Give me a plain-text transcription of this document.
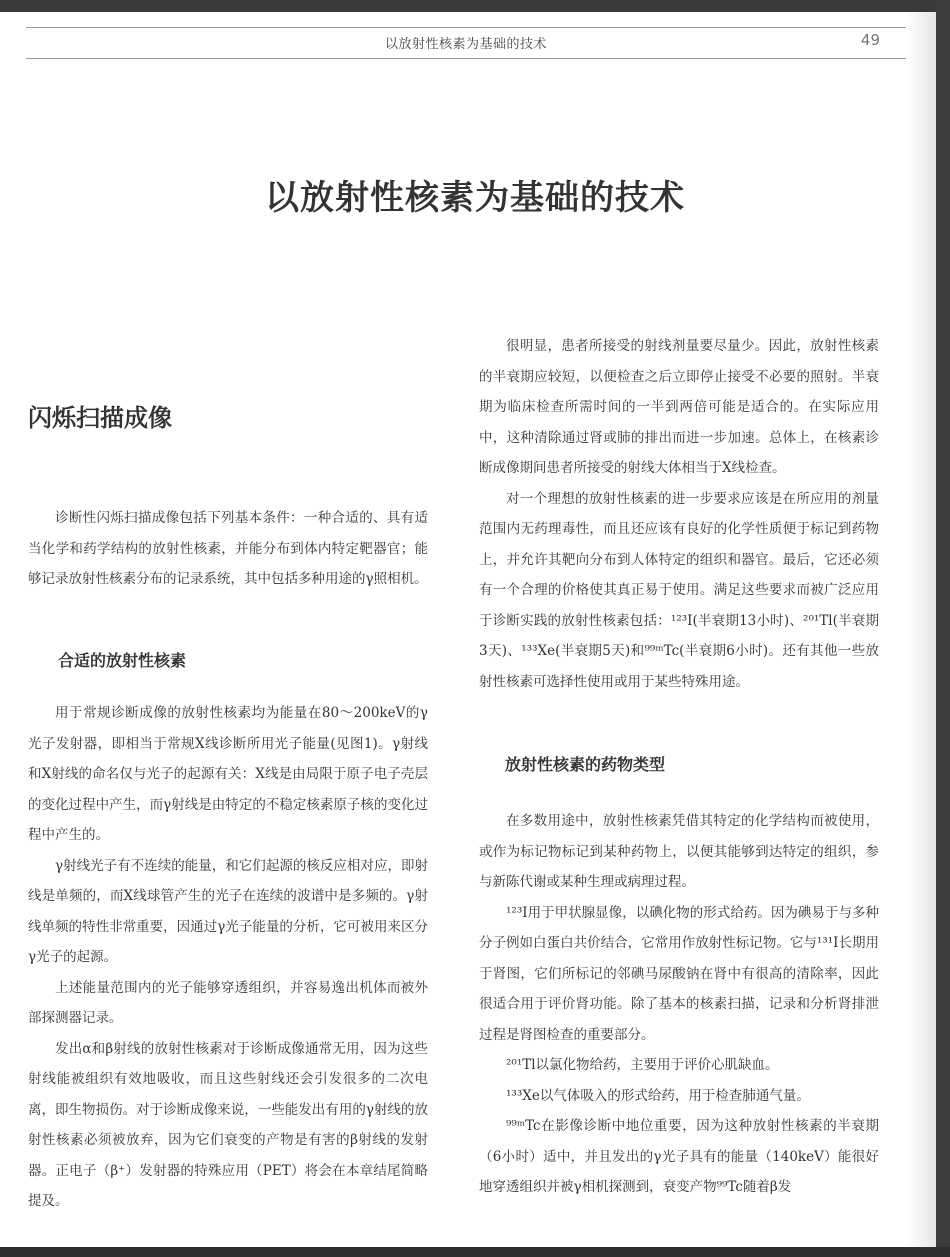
以放射性核素为基础的技术	49
以放射性核素为基础的技术
闪烁扫描成像

诊断性闪烁扫描成像包括下列基本条件：一种合适的、具有适当化学和药学结构的放射性核素，并能分布到体内特定靶器官；能够记录放射性核素分布的记录系统，其中包括多种用途的γ照相机。

合适的放射性核素

用于常规诊断成像的放射性核素均为能量在80～200keV的γ光子发射器，即相当于常规X线诊断所用光子能量(见图1)。γ射线和X射线的命名仅与光子的起源有关：X线是由局限于原子电子壳层的变化过程中产生，而γ射线是由特定的不稳定核素原子核的变化过程中产生的。

γ射线光子有不连续的能量，和它们起源的核反应相对应，即射线是单频的，而X线球管产生的光子在连续的波谱中是多频的。γ射线单频的特性非常重要，因通过γ光子能量的分析，它可被用来区分γ光子的起源。

上述能量范围内的光子能够穿透组织，并容易逸出机体而被外部探测器记录。

发出α和β射线的放射性核素对于诊断成像通常无用，因为这些射线能被组织有效地吸收，而且这些射线还会引发很多的二次电离，即生物损伤。对于诊断成像来说，一些能发出有用的γ射线的放射性核素必须被放弃，因为它们衰变的产物是有害的β射线的发射器。正电子（β⁺）发射器的特殊应用（PET）将会在本章结尾简略提及。

很明显，患者所接受的射线剂量要尽量少。因此，放射性核素的半衰期应较短，以便检查之后立即停止接受不必要的照射。半衰期为临床检查所需时间的一半到两倍可能是适合的。在实际应用中，这种清除通过肾或肺的排出而进一步加速。总体上，在核素诊断成像期间患者所接受的射线大体相当于X线检查。

对一个理想的放射性核素的进一步要求应该是在所应用的剂量范围内无药理毒性，而且还应该有良好的化学性质便于标记到药物上，并允许其靶向分布到人体特定的组织和器官。最后，它还必须有一个合理的价格使其真正易于使用。满足这些要求而被广泛应用于诊断实践的放射性核素包括：¹²³I(半衰期13小时)、²⁰¹Tl(半衰期3天)、¹³³Xe(半衰期5天)和⁹⁹ᵐTc(半衰期6小时)。还有其他一些放射性核素可选择性使用或用于某些特殊用途。

放射性核素的药物类型

在多数用途中，放射性核素凭借其特定的化学结构而被使用，或作为标记物标记到某种药物上，以便其能够到达特定的组织，参与新陈代谢或某种生理或病理过程。

¹²³I用于甲状腺显像，以碘化物的形式给药。因为碘易于与多种分子例如白蛋白共价结合，它常用作放射性标记物。它与¹³¹I长期用于肾图，它们所标记的邻碘马尿酸钠在肾中有很高的清除率，因此很适合用于评价肾功能。除了基本的核素扫描，记录和分析肾排泄过程是肾图检查的重要部分。

²⁰¹Tl以氯化物给药，主要用于评价心肌缺血。

¹³³Xe以气体吸入的形式给药，用于检查肺通气量。

⁹⁹ᵐTc在影像诊断中地位重要，因为这种放射性核素的半衰期（6小时）适中，并且发出的γ光子具有的能量（140keV）能很好地穿透组织并被γ相机探测到，衰变产物⁹⁹Tc随着β发
